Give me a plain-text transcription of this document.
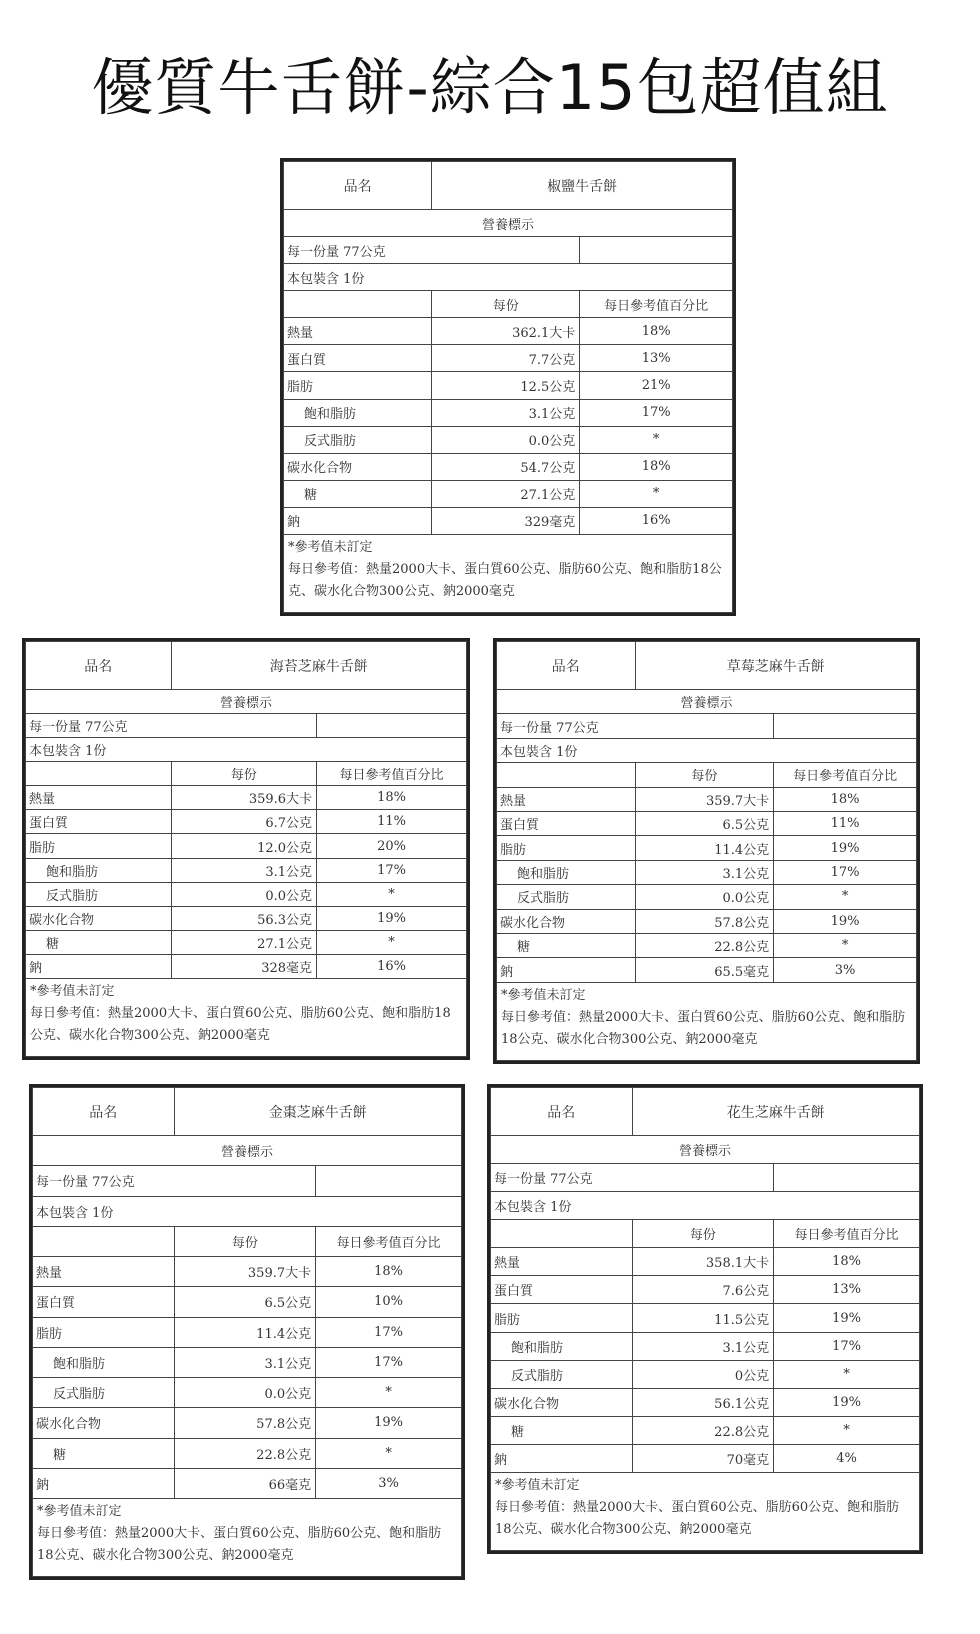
優質牛舌餅-綜合15包超值組
品名	椒鹽牛舌餅	
營養標示		
每一份量 77公克		
本包裝含 1份		
	每份	每日參考值百分比
熱量	362.1大卡	18%
蛋白質	7.7公克	13%
脂肪	12.5公克	21%
飽和脂肪	3.1公克	17%
反式脂肪	0.0公克	*
碳水化合物	54.7公克	18%
糖	27.1公克	*
鈉	329毫克	16%

*參考值未訂定
每日參考值：熱量2000大卡、蛋白質60公克、脂肪60公克、飽和脂肪18公克、碳水化合物300公克、鈉2000毫克		
品名	海苔芝麻牛舌餅	
營養標示		
每一份量 77公克		
本包裝含 1份		
	每份	每日參考值百分比
熱量	359.6大卡	18%
蛋白質	6.7公克	11%
脂肪	12.0公克	20%
飽和脂肪	3.1公克	17%
反式脂肪	0.0公克	*
碳水化合物	56.3公克	19%
糖	27.1公克	*
鈉	328毫克	16%

*參考值未訂定
每日參考值：熱量2000大卡、蛋白質60公克、脂肪60公克、飽和脂肪18公克、碳水化合物300公克、鈉2000毫克		
品名	草莓芝麻牛舌餅	
營養標示		
每一份量 77公克		
本包裝含 1份		
	每份	每日參考值百分比
熱量	359.7大卡	18%
蛋白質	6.5公克	11%
脂肪	11.4公克	19%
飽和脂肪	3.1公克	17%
反式脂肪	0.0公克	*
碳水化合物	57.8公克	19%
糖	22.8公克	*
鈉	65.5毫克	3%

*參考值未訂定
每日參考值：熱量2000大卡、蛋白質60公克、脂肪60公克、飽和脂肪18公克、碳水化合物300公克、鈉2000毫克		
品名	金棗芝麻牛舌餅	
營養標示		
每一份量 77公克		
本包裝含 1份		
	每份	每日參考值百分比
熱量	359.7大卡	18%
蛋白質	6.5公克	10%
脂肪	11.4公克	17%
飽和脂肪	3.1公克	17%
反式脂肪	0.0公克	*
碳水化合物	57.8公克	19%
糖	22.8公克	*
鈉	66毫克	3%

*參考值未訂定
每日參考值：熱量2000大卡、蛋白質60公克、脂肪60公克、飽和脂肪18公克、碳水化合物300公克、鈉2000毫克		
品名	花生芝麻牛舌餅	
營養標示		
每一份量 77公克		
本包裝含 1份		
	每份	每日參考值百分比
熱量	358.1大卡	18%
蛋白質	7.6公克	13%
脂肪	11.5公克	19%
飽和脂肪	3.1公克	17%
反式脂肪	0公克	*
碳水化合物	56.1公克	19%
糖	22.8公克	*
鈉	70毫克	4%

*參考值未訂定
每日參考值：熱量2000大卡、蛋白質60公克、脂肪60公克、飽和脂肪18公克、碳水化合物300公克、鈉2000毫克		
